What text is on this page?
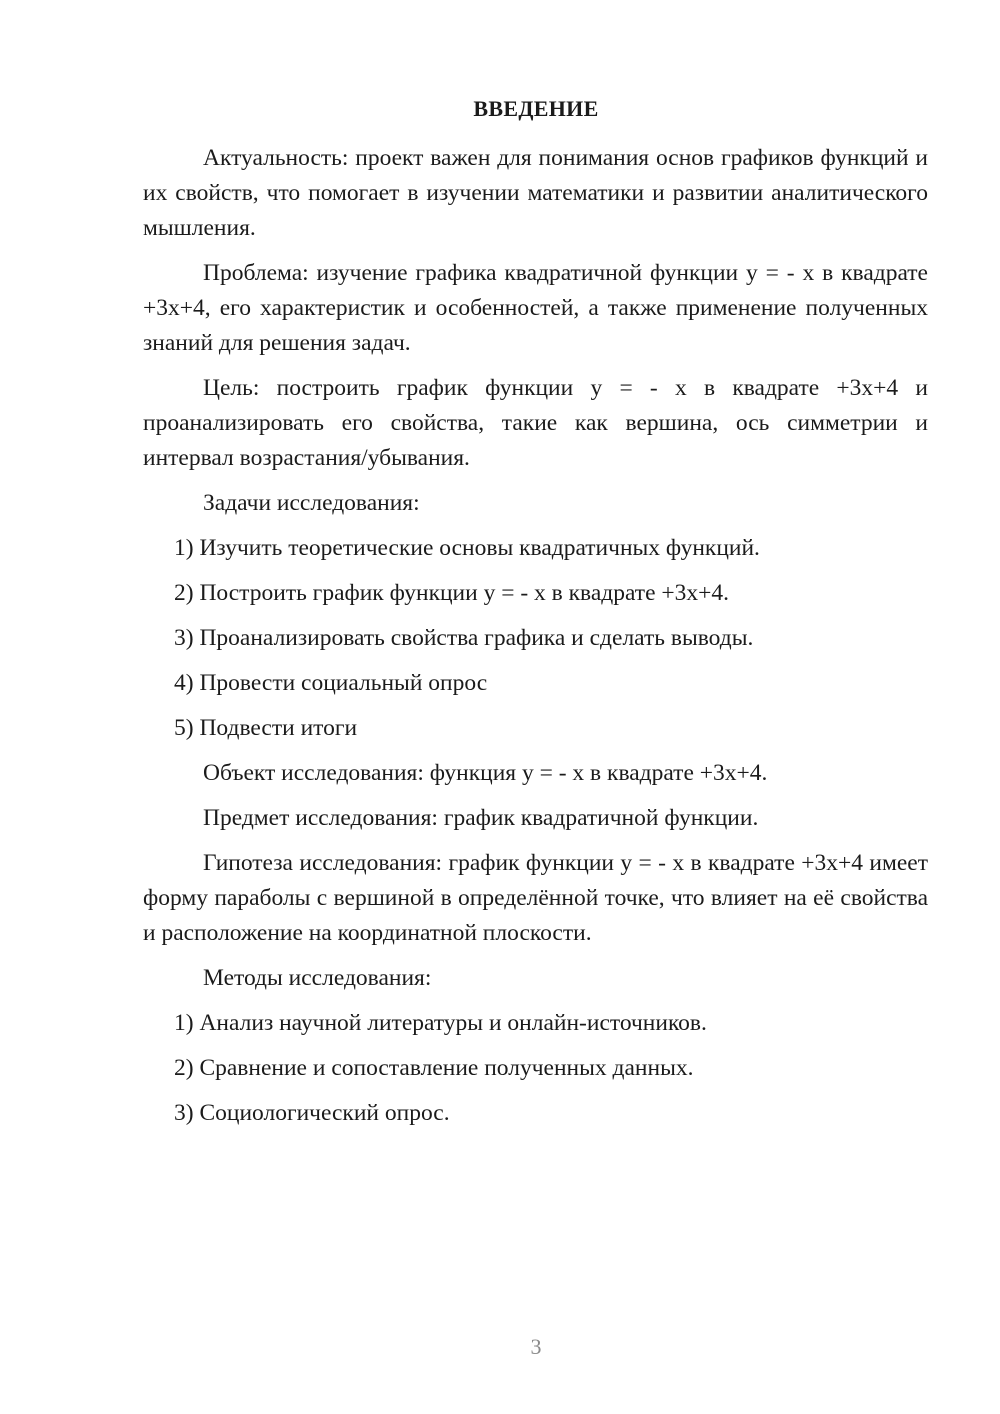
ВВЕДЕНИЕ

Актуальность: проект важен для понимания основ графиков функций и их свойств, что помогает в изучении математики и развитии аналитического мышления.

Проблема: изучение графика квадратичной функции y = - x в квадрате +3x+4, его характеристик и особенностей, а также применение полученных знаний для решения задач.

Цель: построить график функции y = - x в квадрате +3x+4 и проанализировать его свойства, такие как вершина, ось симметрии и интервал возрастания/убывания.

Задачи исследования:

1) Изучить теоретические основы квадратичных функций.

2) Построить график функции y = - x в квадрате +3x+4.

3) Проанализировать свойства графика и сделать выводы.

4) Провести социальный опрос

5) Подвести итоги

Объект исследования: функция y = - x в квадрате +3x+4.

Предмет исследования: график квадратичной функции.

Гипотеза исследования: график функции y = - x в квадрате +3x+4 имеет форму параболы с вершиной в определённой точке, что влияет на её свойства и расположение на координатной плоскости.

Методы исследования:

1) Анализ научной литературы и онлайн-источников.

2) Сравнение и сопоставление полученных данных.

3) Социологический опрос.

3
